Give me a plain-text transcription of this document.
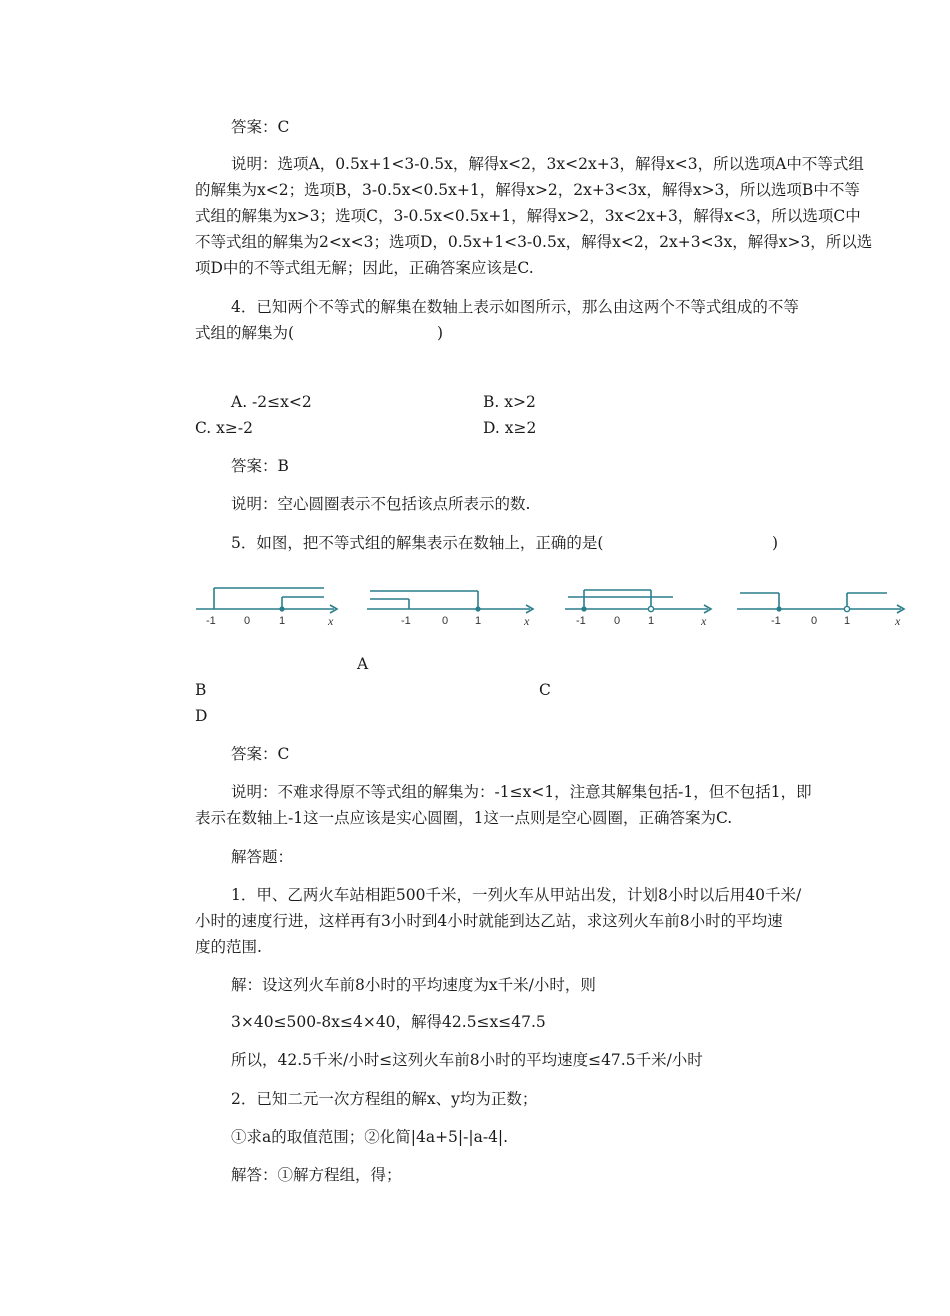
答案：C
说明：选项A，0.5x+1<3-0.5x，解得x<2，3x<2x+3，解得x<3，所以选项A中不等式组
的解集为x<2；选项B，3-0.5x<0.5x+1，解得x>2，2x+3<3x，解得x>3，所以选项B中不等
式组的解集为x>3；选项C，3-0.5x<0.5x+1，解得x>2，3x<2x+3，解得x<3，所以选项C中
不等式组的解集为2<x<3；选项D，0.5x+1<3-0.5x，解得x<2，2x+3<3x，解得x>3，所以选
项D中的不等式组无解；因此，正确答案应该是C.
4．已知两个不等式的解集在数轴上表示如图所示，那么由这两个不等式组成的不等
式组的解集为(	)
A. -2≤x<2	B. x>2
C. x≥-2	D. x≥2
答案：B
说明：空心圆圈表示不包括该点所表示的数.
5．如图，把不等式组的解集表示在数轴上，正确的是(	)
-1	0	1	x	-1	0 1	x	-1	0	1	x	-1	0 1	x
A
B	C
D
答案：C
说明：不难求得原不等式组的解集为：-1≤x<1，注意其解集包括-1，但不包括1，即
表示在数轴上-1这一点应该是实心圆圈，1这一点则是空心圆圈，正确答案为C.
解答题：
1．甲、乙两火车站相距500千米，一列火车从甲站出发，计划8小时以后用40千米/
小时的速度行进，这样再有3小时到4小时就能到达乙站，求这列火车前8小时的平均速
度的范围.
解：设这列火车前8小时的平均速度为x千米/小时，则
3×40≤500-8x≤4×40，解得42.5≤x≤47.5
所以，42.5千米/小时≤这列火车前8小时的平均速度≤47.5千米/小时
2．已知二元一次方程组的解x、y均为正数；
①求a的取值范围；②化简|4a+5|-|a-4|.
解答：①解方程组，得；
